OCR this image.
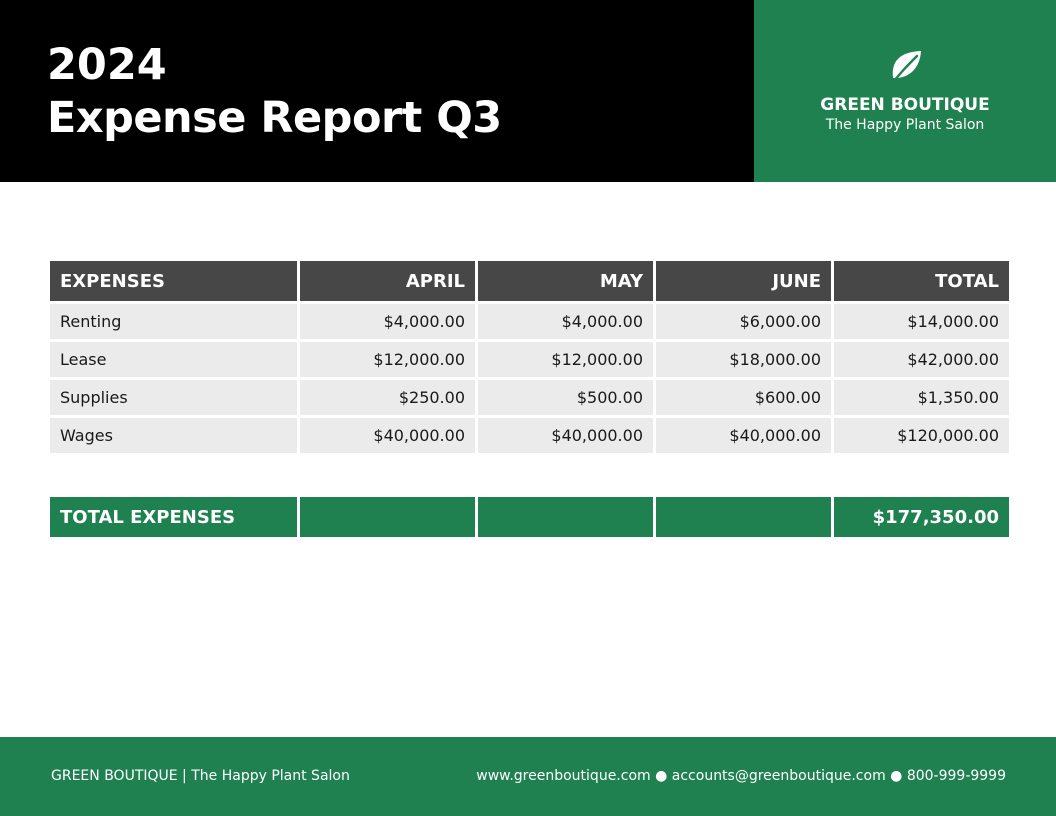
2024
Expense Report Q3	GREEN BOUTIQUE
The Happy Plant Salon
EXPENSES	APRIL	MAY	JUNE	TOTAL
Renting	$4,000.00	$4,000.00	$6,000.00	$14,000.00
Lease	$12,000.00	$12,000.00	$18,000.00	$42,000.00
Supplies	$250.00	$500.00	$600.00	$1,350.00
Wages	$40,000.00	$40,000.00	$40,000.00	$120,000.00
TOTAL EXPENSES				$177,350.00
GREEN BOUTIQUE | The Happy Plant Salon	www.greenboutique.com ● accounts@greenboutique.com ● 800-999-9999
